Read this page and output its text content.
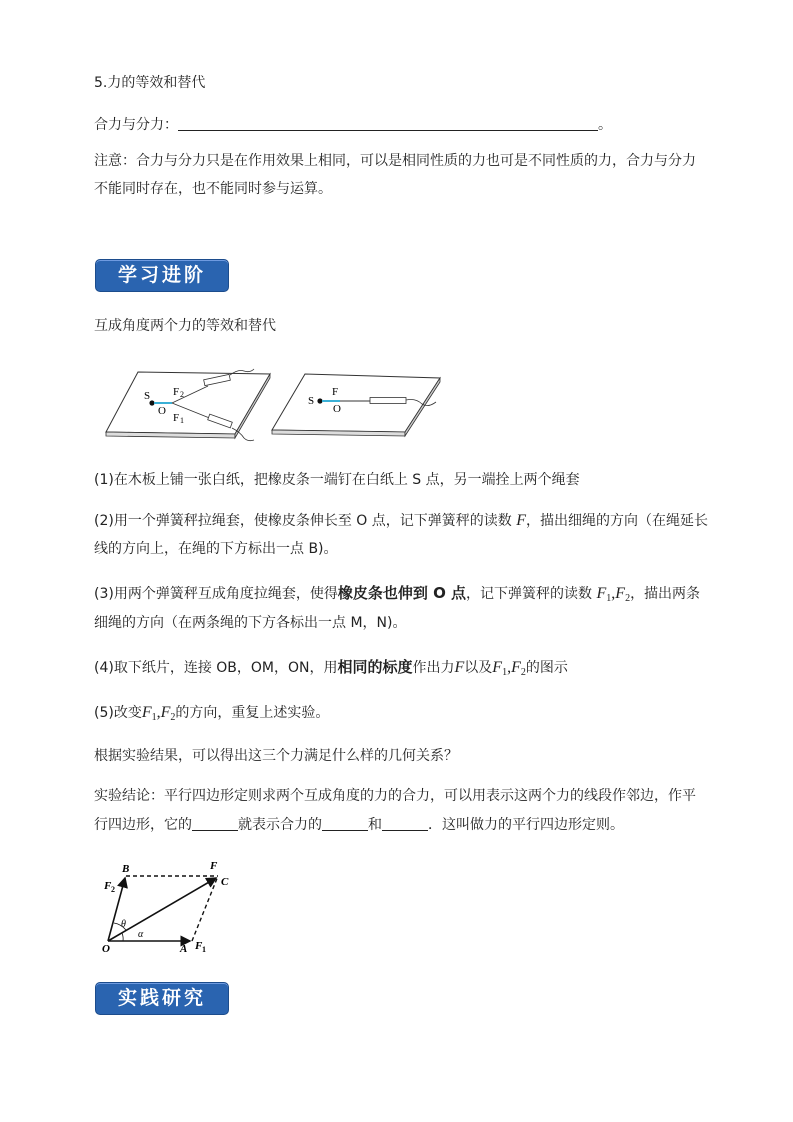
5.力的等效和替代
合力与分力：	。
注意：合力与分力只是在作用效果上相同，可以是相同性质的力也可是不同性质的力，合力与分力不能同时存在，也不能同时参与运算。
学习进阶
互成角度两个力的等效和替代
S
O
F 2
F 1
S
F
O
(1)在木板上铺一张白纸，把橡皮条一端钉在白纸上 S 点，另一端拴上两个绳套
(2)用一个弹簧秤拉绳套，使橡皮条伸长至 O 点，记下弹簧秤的读数 F，描出细绳的方向（在绳延长
线的方向上，在绳的下方标出一点 B)。
(3)用两个弹簧秤互成角度拉绳套，使得橡皮条也伸到 O 点，记下弹簧秤的读数 $F_1,F_2$，描出两条
细绳的方向（在两条绳的下方各标出一点 M，N)。
(4)取下纸片，连接 OB，OM，ON，用相同的标度作出力F以及$F_1,F_2$的图示
(5)改变$F_1,F_2$的方向，重复上述实验。
根据实验结果，可以得出这三个力满足什么样的几何关系？
实验结论：平行四边形定则求两个互成角度的力的合力，可以用表示这两个力的线段作邻边，作平
行四边形，它的	就表示合力的	和	．这叫做力的平行四边形定则。
B	F
F 2
C
θ
α
O	A F 1
实践研究
